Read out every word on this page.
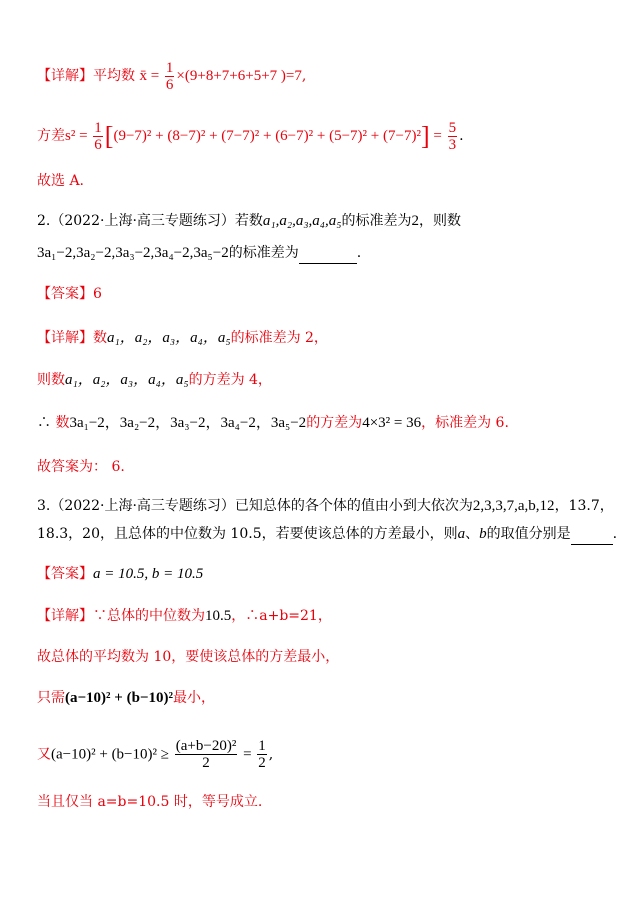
【详解】平均数 x̄ = $\frac{1}{6} \times(9+8+7+6+5+7$ )=7,
方差$s^2 = \frac{1}{6} [(9-7)^2 + (8-7)^2 + (7-7)^2 + (6-7)^2 + (5-7)^2 + (7-7)^2] = \frac{5}{3}$ .
故选 A.
2.（2022·上海·高三专题练习）若数a₁,a₂,a₃,a₄,a₅的标准差为2，则数
3a₁−2,3a₂−2,3a₃−2,3a₄−2,3a₅−2的标准差为	.
【答案】6
【详解】数a₁，a₂，a₃，a₄，a₅的标准差为 2，
则数a₁，a₂，a₃，a₄，a₅的方差为 4，
∴ 数3a₁−2，3a₂−2，3a₃−2，3a₄−2，3a₅−2的方差为4×3² = 36，标准差为 6.
故答案为： 6.
3.（2022·上海·高三专题练习）已知总体的各个体的值由小到大依次为2,3,3,7,a,b,12，13.7，
18.3，20，且总体的中位数为 10.5，若要使该总体的方差最小，则a、b的取值分别是	.
【答案】a = 10.5, b = 10.5
【详解】∵总体的中位数为10.5，∴a+b=21，
故总体的平均数为 10，要使该总体的方差最小，
只需(a−10)² + (b−10)²最小，
又$(a-10)^2 + (b-10)^2 \ge \frac{\text{(a+b−20)²}}{2} = \frac{1}{2}$ ,
当且仅当 a=b=10.5 时，等号成立.
